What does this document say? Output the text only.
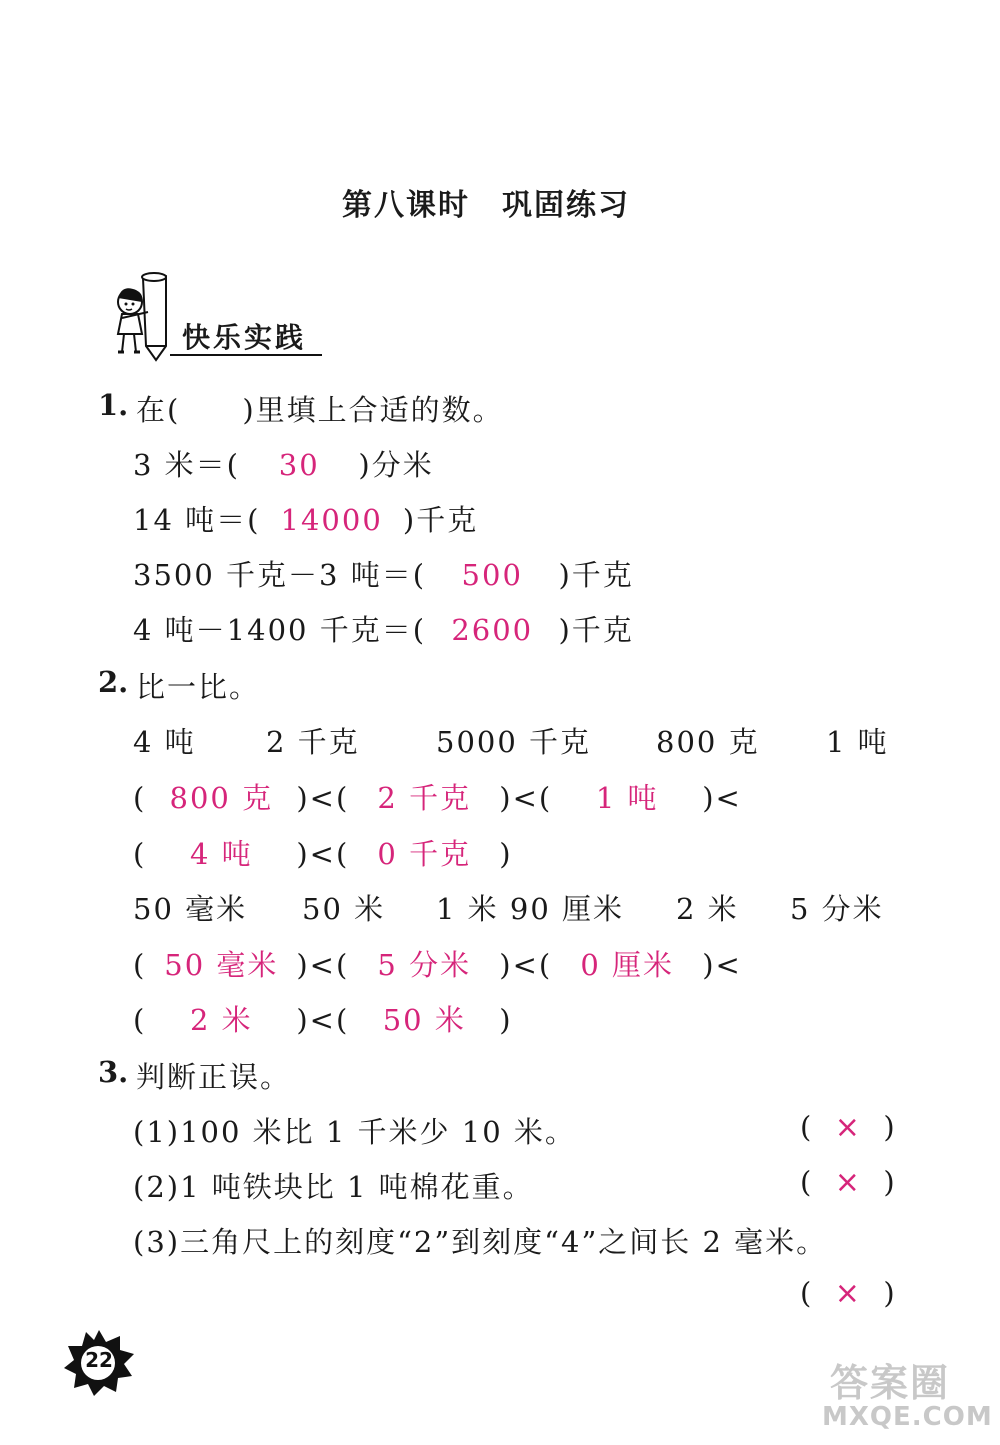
第八课时　巩固练习
快乐实践
1. 在(　　)里填上合适的数。
3 米＝( 30 )分米
14 吨＝( 14000 )千克
3500 千克－3 吨＝( 500 )千克
4 吨－1400 千克＝( 2600 )千克
2. 比一比。
4 吨 2 千克	5000 千克 800 克 1 吨
( 800 克 )<( 2 千克 )<( 1 吨 )<
( 4 吨 )<( 0 千克 )
50 毫米 50 米 1 米 90 厘米 2 米 5 分米
( 50 毫米 )<( 5 分米 )<( 0 厘米 )<
( 2 米 )<( 50 米 )
3. 判断正误。
(1)100 米比 1 千米少 10 米。	( × )
(2)1 吨铁块比 1 吨棉花重。	( × )
(3)三角尺上的刻度“2”到刻度“4”之间长 2 毫米。
( × )
22
答案圈
MXQE.COM
